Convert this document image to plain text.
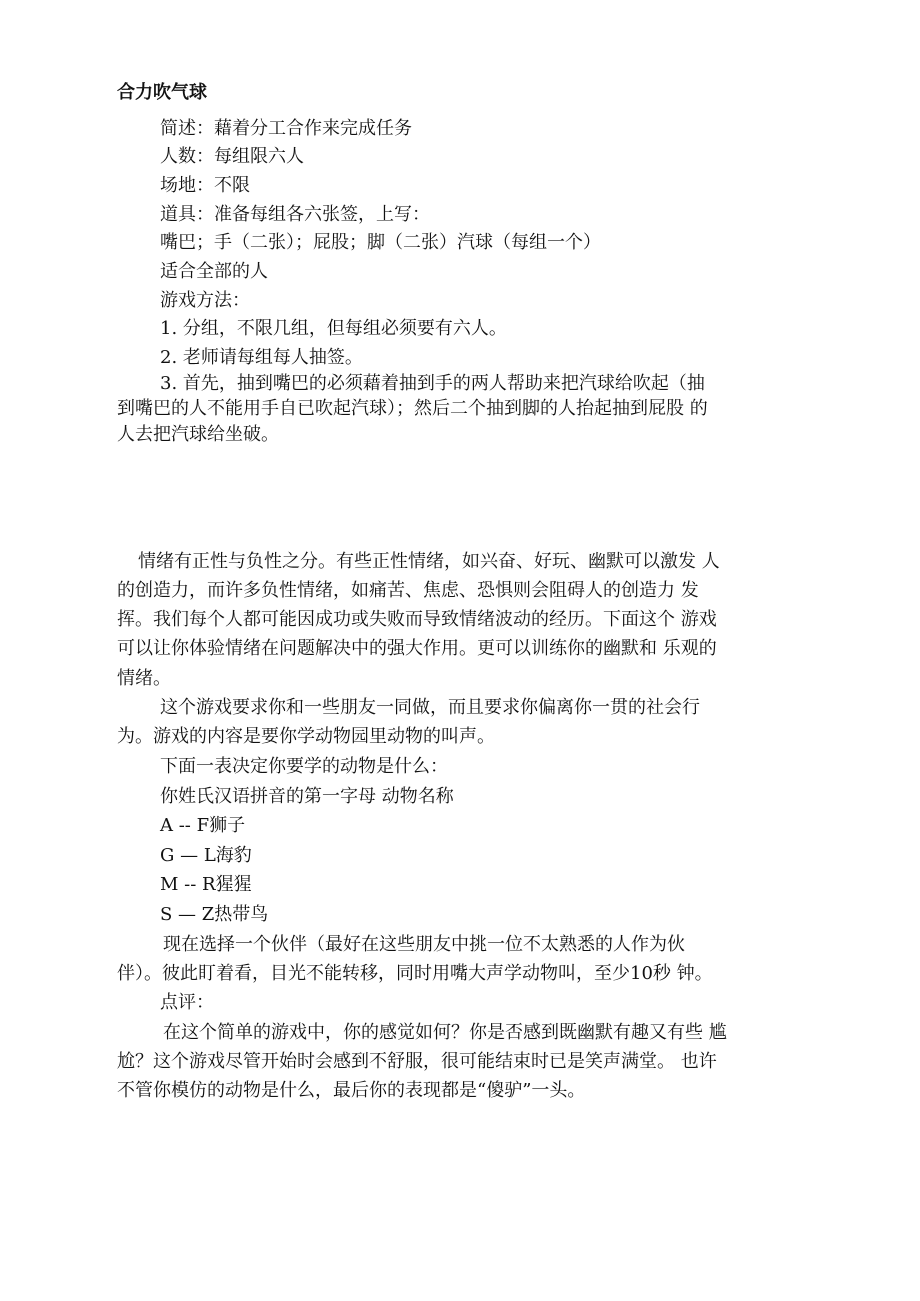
合力吹气球
简述：藉着分工合作来完成任务
人数：每组限六人
场地：不限
道具：准备每组各六张签，上写：
嘴巴；手（二张）；屁股；脚（二张）汽球（每组一个）
适合全部的人
游戏方法：
1. 分组，不限几组，但每组必须要有六人。
2. 老师请每组每人抽签。
3. 首先，抽到嘴巴的必须藉着抽到手的两人帮助来把汽球给吹起（抽
到嘴巴的人不能用手自已吹起汽球）；然后二个抽到脚的人抬起抽到屁股 的
人去把汽球给坐破。
情绪有正性与负性之分。有些正性情绪，如兴奋、好玩、幽默可以激发 人
的创造力，而许多负性情绪，如痛苦、焦虑、恐惧则会阻碍人的创造力 发
挥。我们每个人都可能因成功或失败而导致情绪波动的经历。下面这个 游戏
可以让你体验情绪在问题解决中的强大作用。更可以训练你的幽默和 乐观的
情绪。
这个游戏要求你和一些朋友一同做，而且要求你偏离你一贯的社会行
为。游戏的内容是要你学动物园里动物的叫声。
下面一表决定你要学的动物是什么：
你姓氏汉语拼音的第一字母 动物名称
A -- F狮子
G — L海豹
M -- R猩猩
S — Z热带鸟
现在选择一个伙伴（最好在这些朋友中挑一位不太熟悉的人作为伙
伴）。彼此盯着看，目光不能转移，同时用嘴大声学动物叫，至少10秒 钟。
点评：
在这个简单的游戏中，你的感觉如何？你是否感到既幽默有趣又有些 尴
尬？这个游戏尽管开始时会感到不舒服，很可能结束时已是笑声满堂。 也许
不管你模仿的动物是什么，最后你的表现都是“傻驴”一头。
